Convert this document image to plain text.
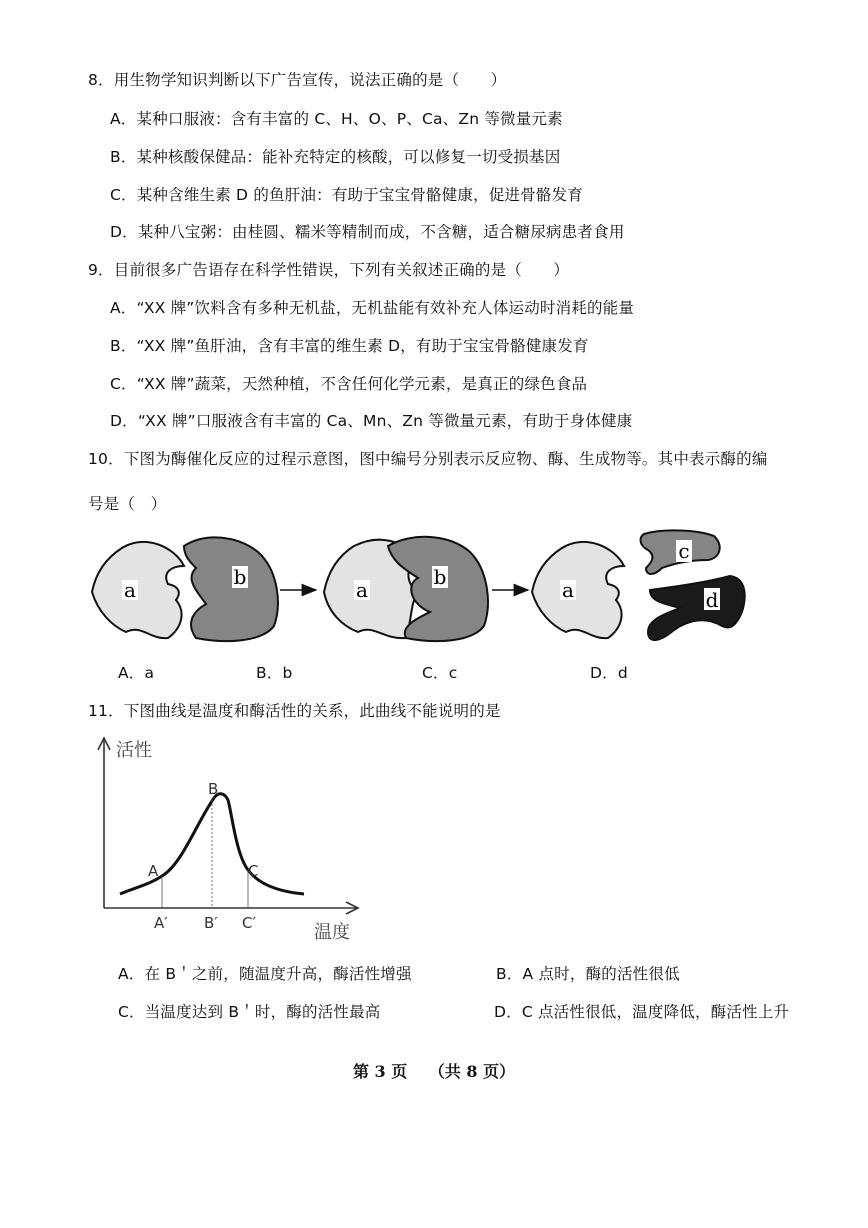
8．用生物学知识判断以下广告宣传，说法正确的是（　　）
A．某种口服液：含有丰富的 C、H、O、P、Ca、Zn 等微量元素
B．某种核酸保健品：能补充特定的核酸，可以修复一切受损基因
C．某种含维生素 D 的鱼肝油：有助于宝宝骨骼健康，促进骨骼发育
D．某种八宝粥：由桂圆、糯米等精制而成，不含糖，适合糖尿病患者食用
9．目前很多广告语存在科学性错误，下列有关叙述正确的是（　　）
A．“XX 牌”饮料含有多种无机盐，无机盐能有效补充人体运动时消耗的能量
B．“XX 牌”鱼肝油，含有丰富的维生素 D，有助于宝宝骨骼健康发育
C．“XX 牌”蔬菜，天然种植，不含任何化学元素，是真正的绿色食品
D．“XX 牌”口服液含有丰富的 Ca、Mn、Zn 等微量元素，有助于身体健康
10．下图为酶催化反应的过程示意图，图中编号分别表示反应物、酶、生成物等。其中表示酶的编
号是（　）
a
b
a
b
a
c
d
A．a	B．b	C．c	D．d
11．下图曲线是温度和酶活性的关系，此曲线不能说明的是
活性
温度
A
B
C
A′ B′ C′
A．在 B＇之前，随温度升高，酶活性增强	B．A 点时，酶的活性很低
C．当温度达到 B＇时，酶的活性最高	D．C 点活性很低，温度降低，酶活性上升
第 3 页　 （共 8 页）
